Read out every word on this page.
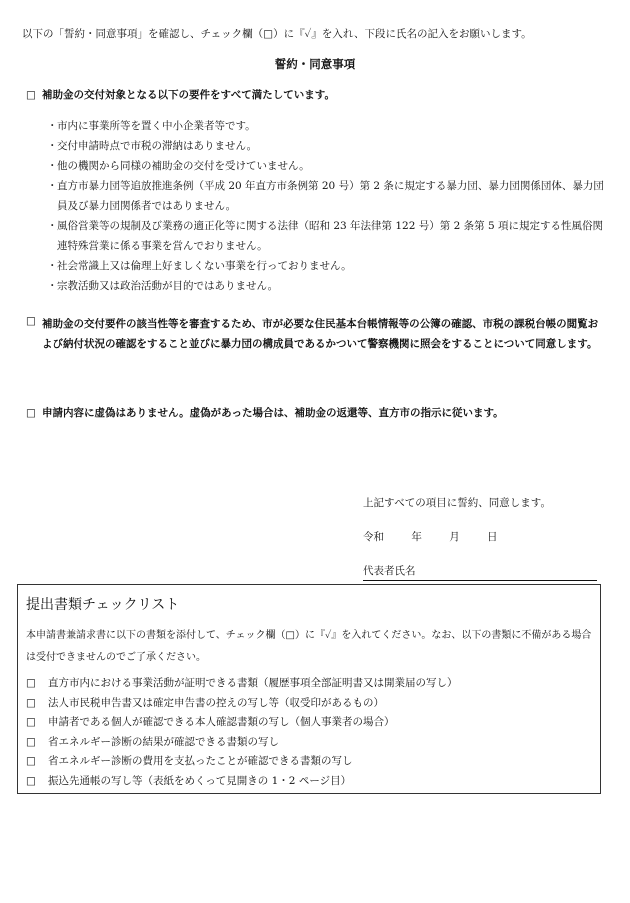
以下の「誓約・同意事項」を確認し、チェック欄（□）に『✓』を入れ、下段に氏名の記入をお願いします。
誓約・同意事項
□ 補助金の交付対象となる以下の要件をすべて満たしています。
・ 市内に事業所等を置く中小企業者等です。
・ 交付申請時点で市税の滞納はありません。
・ 他の機関から同様の補助金の交付を受けていません。
・ 直方市暴力団等追放推進条例（平成 20 年直方市条例第 20 号）第 2 条に規定する暴力団、暴力団関係団体、暴力団員及び暴力団関係者ではありません。
・ 風俗営業等の規制及び業務の適正化等に関する法律（昭和 23 年法律第 122 号）第 2 条第 5 項に規定する性風俗関連特殊営業に係る事業を営んでおりません。
・ 社会常識上又は倫理上好ましくない事業を行っておりません。
・ 宗教活動又は政治活動が目的ではありません。
□ 補助金の交付要件の該当性等を審査するため、市が必要な住民基本台帳情報等の公簿の確認、市税の課税台帳の閲覧および納付状況の確認をすること並びに暴力団の構成員であるかついて警察機関に照会をすることについて同意します。
□ 申請内容に虚偽はありません。虚偽があった場合は、補助金の返還等、直方市の指示に従います。
上記すべての項目に誓約、同意します。
令和	年	月	日
代表者氏名
提出書類チェックリスト
本申請書兼請求書に以下の書類を添付して、チェック欄（□）に『✓』を入れてください。なお、以下の書類に不備がある場合は受付できませんのでご了承ください。
□ 直方市内における事業活動が証明できる書類（履歴事項全部証明書又は開業届の写し）
□ 法人市民税申告書又は確定申告書の控えの写し等（収受印があるもの）
□ 申請者である個人が確認できる本人確認書類の写し（個人事業者の場合）
□ 省エネルギー診断の結果が確認できる書類の写し
□ 省エネルギー診断の費用を支払ったことが確認できる書類の写し
□ 振込先通帳の写し等（表紙をめくって見開きの 1・2 ページ目）
